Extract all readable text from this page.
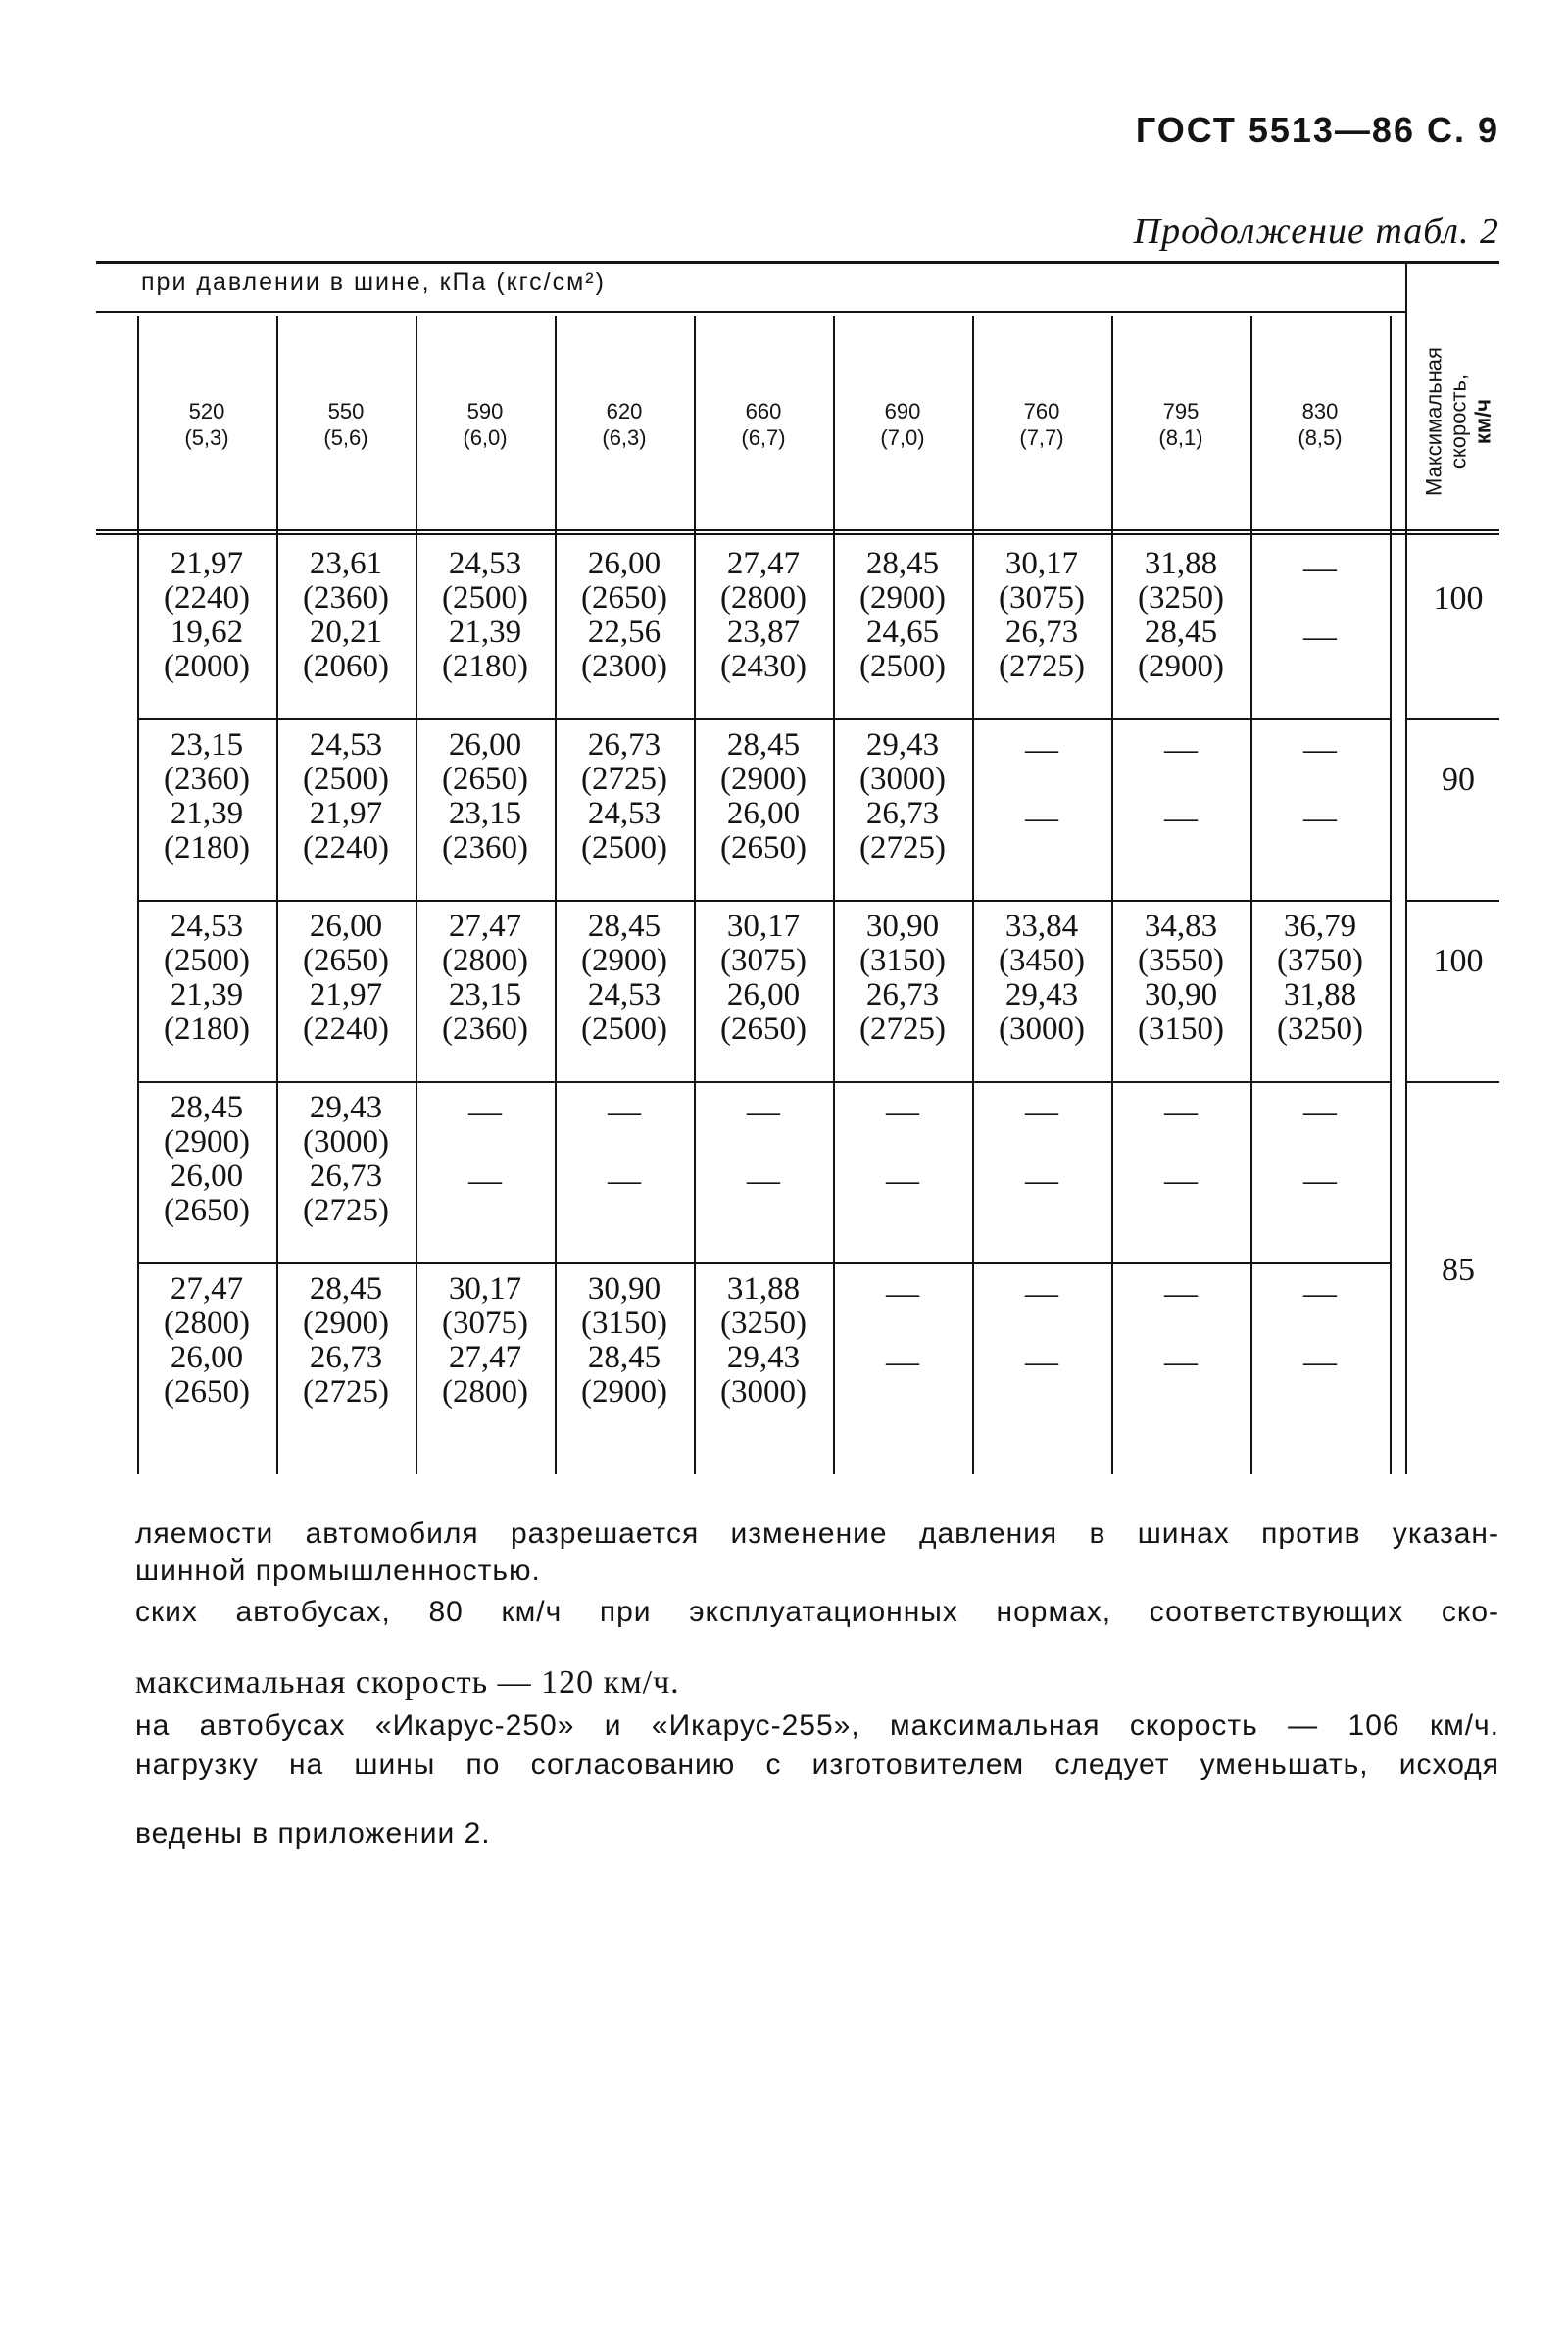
ГОСТ 5513—86 С. 9
Продолжение табл. 2
при давлении в шине, кПа (кгс/см²)
Максимальная скорость, км/ч
520
(5,3)
550
(5,6)
590
(6,0)
620
(6,3)
660
(6,7)
690
(7,0)
760
(7,7)
795
(8,1)
830
(8,5)
21,97
(2240)
19,62
(2000)
23,61
(2360)
20,21
(2060)
24,53
(2500)
21,39
(2180)
26,00
(2650)
22,56
(2300)
27,47
(2800)
23,87
(2430)
28,45
(2900)
24,65
(2500)
30,17
(3075)
26,73
(2725)
31,88
(3250)
28,45
(2900)
—
—
23,15
(2360)
21,39
(2180)
24,53
(2500)
21,97
(2240)
26,00
(2650)
23,15
(2360)
26,73
(2725)
24,53
(2500)
28,45
(2900)
26,00
(2650)
29,43
(3000)
26,73
(2725)
—
—
—
—
—
—
24,53
(2500)
21,39
(2180)
26,00
(2650)
21,97
(2240)
27,47
(2800)
23,15
(2360)
28,45
(2900)
24,53
(2500)
30,17
(3075)
26,00
(2650)
30,90
(3150)
26,73
(2725)
33,84
(3450)
29,43
(3000)
34,83
(3550)
30,90
(3150)
36,79
(3750)
31,88
(3250)
28,45
(2900)
26,00
(2650)
29,43
(3000)
26,73
(2725)
—
—
—
—
—
—
—
—
—
—
—
—
—
—
27,47
(2800)
26,00
(2650)
28,45
(2900)
26,73
(2725)
30,17
(3075)
27,47
(2800)
30,90
(3150)
28,45
(2900)
31,88
(3250)
29,43
(3000)
—
—
—
—
—
—
—
—
100
90
100
85
ляемости автомобиля разрешается изменение давления в шинах против указан-
шинной промышленностью.
ских автобусах, 80 км/ч при эксплуатационных нормах, соответствующих ско-
максимальная скорость — 120 км/ч.
на автобусах «Икарус-250» и «Икарус-255», максимальная скорость — 106 км/ч.
нагрузку на шины по согласованию с изготовителем следует уменьшать, исходя
ведены в приложении 2.
